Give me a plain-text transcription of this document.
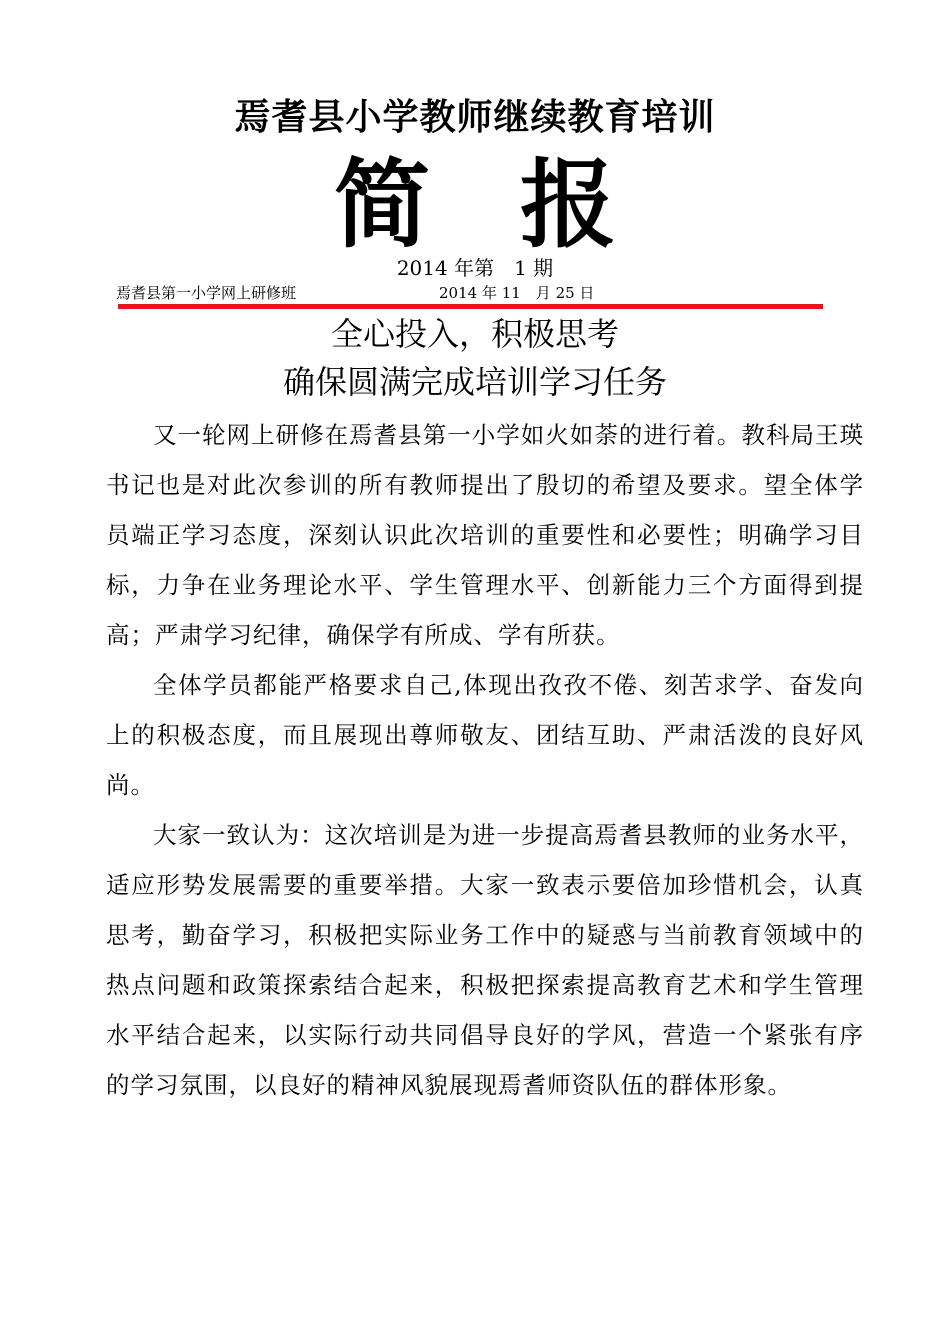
焉耆县小学教师继续教育培训
简 报
2014 年第　1 期
焉耆县第一小学网上研修班	2014 年 11　月 25 日
全心投入，积极思考
确保圆满完成培训学习任务

又一轮网上研修在焉耆县第一小学如火如荼的进行着。教科局王瑛书记也是对此次参训的所有教师提出了殷切的希望及要求。望全体学员端正学习态度，深刻认识此次培训的重要性和必要性；明确学习目标，力争在业务理论水平、学生管理水平、创新能力三个方面得到提高；严肃学习纪律，确保学有所成、学有所获。

全体学员都能严格要求自己,体现出孜孜不倦、刻苦求学、奋发向上的积极态度，而且展现出尊师敬友、团结互助、严肃活泼的良好风尚。

大家一致认为：这次培训是为进一步提高焉耆县教师的业务水平，适应形势发展需要的重要举措。大家一致表示要倍加珍惜机会，认真思考，勤奋学习，积极把实际业务工作中的疑惑与当前教育领域中的热点问题和政策探索结合起来，积极把探索提高教育艺术和学生管理水平结合起来，以实际行动共同倡导良好的学风，营造一个紧张有序的学习氛围，以良好的精神风貌展现焉耆师资队伍的群体形象。
